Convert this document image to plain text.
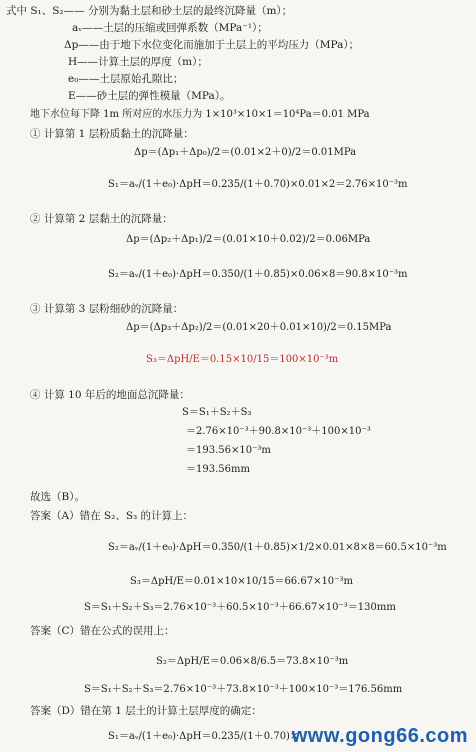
式中 S₁、S₂—— 分别为黏土层和砂土层的最终沉降量（m）；
aᵥ——土层的压缩或回弹系数（MPa⁻¹）；
Δp——由于地下水位变化而施加于土层上的平均压力（MPa）；
H——计算土层的厚度（m）；
e₀——土层原始孔隙比；
E——砂土层的弹性模量（MPa）。
地下水位每下降 1m 所对应的水压力为 1×10³×10×1＝10⁴Pa＝0.01 MPa
① 计算第 1 层粉质黏土的沉降量：
Δp＝(Δp₁＋Δp₀)/2＝(0.01×2＋0)/2＝0.01MPa
S₁＝aᵥ/(1＋e₀)·ΔpH＝0.235/(1＋0.70)×0.01×2＝2.76×10⁻³m
② 计算第 2 层黏土的沉降量：
Δp＝(Δp₂＋Δp₁)/2＝(0.01×10＋0.02)/2＝0.06MPa
S₂＝aᵥ/(1＋e₀)·ΔpH＝0.350/(1＋0.85)×0.06×8＝90.8×10⁻³m
③ 计算第 3 层粉细砂的沉降量：
Δp＝(Δp₃＋Δp₂)/2＝(0.01×20＋0.01×10)/2＝0.15MPa
S₃＝ΔpH/E＝0.15×10/15＝100×10⁻³m
④ 计算 10 年后的地面总沉降量：
S＝S₁＋S₂＋S₃
＝2.76×10⁻³＋90.8×10⁻³＋100×10⁻³
＝193.56×10⁻³m
＝193.56mm
故选（B）。
答案（A）错在 S₂、S₃ 的计算上：
S₂＝aᵥ/(1＋e₀)·ΔpH＝0.350/(1＋0.85)×1/2×0.01×8×8＝60.5×10⁻³m
S₃＝ΔpH/E＝0.01×10×10/15＝66.67×10⁻³m
S＝S₁＋S₂＋S₃＝2.76×10⁻³＋60.5×10⁻³＋66.67×10⁻³＝130mm
答案（C）错在公式的误用上：
S₂＝ΔpH/E＝0.06×8/6.5＝73.8×10⁻³m
S＝S₁＋S₂＋S₃＝2.76×10⁻³＋73.8×10⁻³＋100×10⁻³＝176.56mm
答案（D）错在第 1 层土的计算土层厚度的确定：
S₁＝aᵥ/(1＋e₀)·ΔpH＝0.235/(1＋0.70)×
www.gong66.com
